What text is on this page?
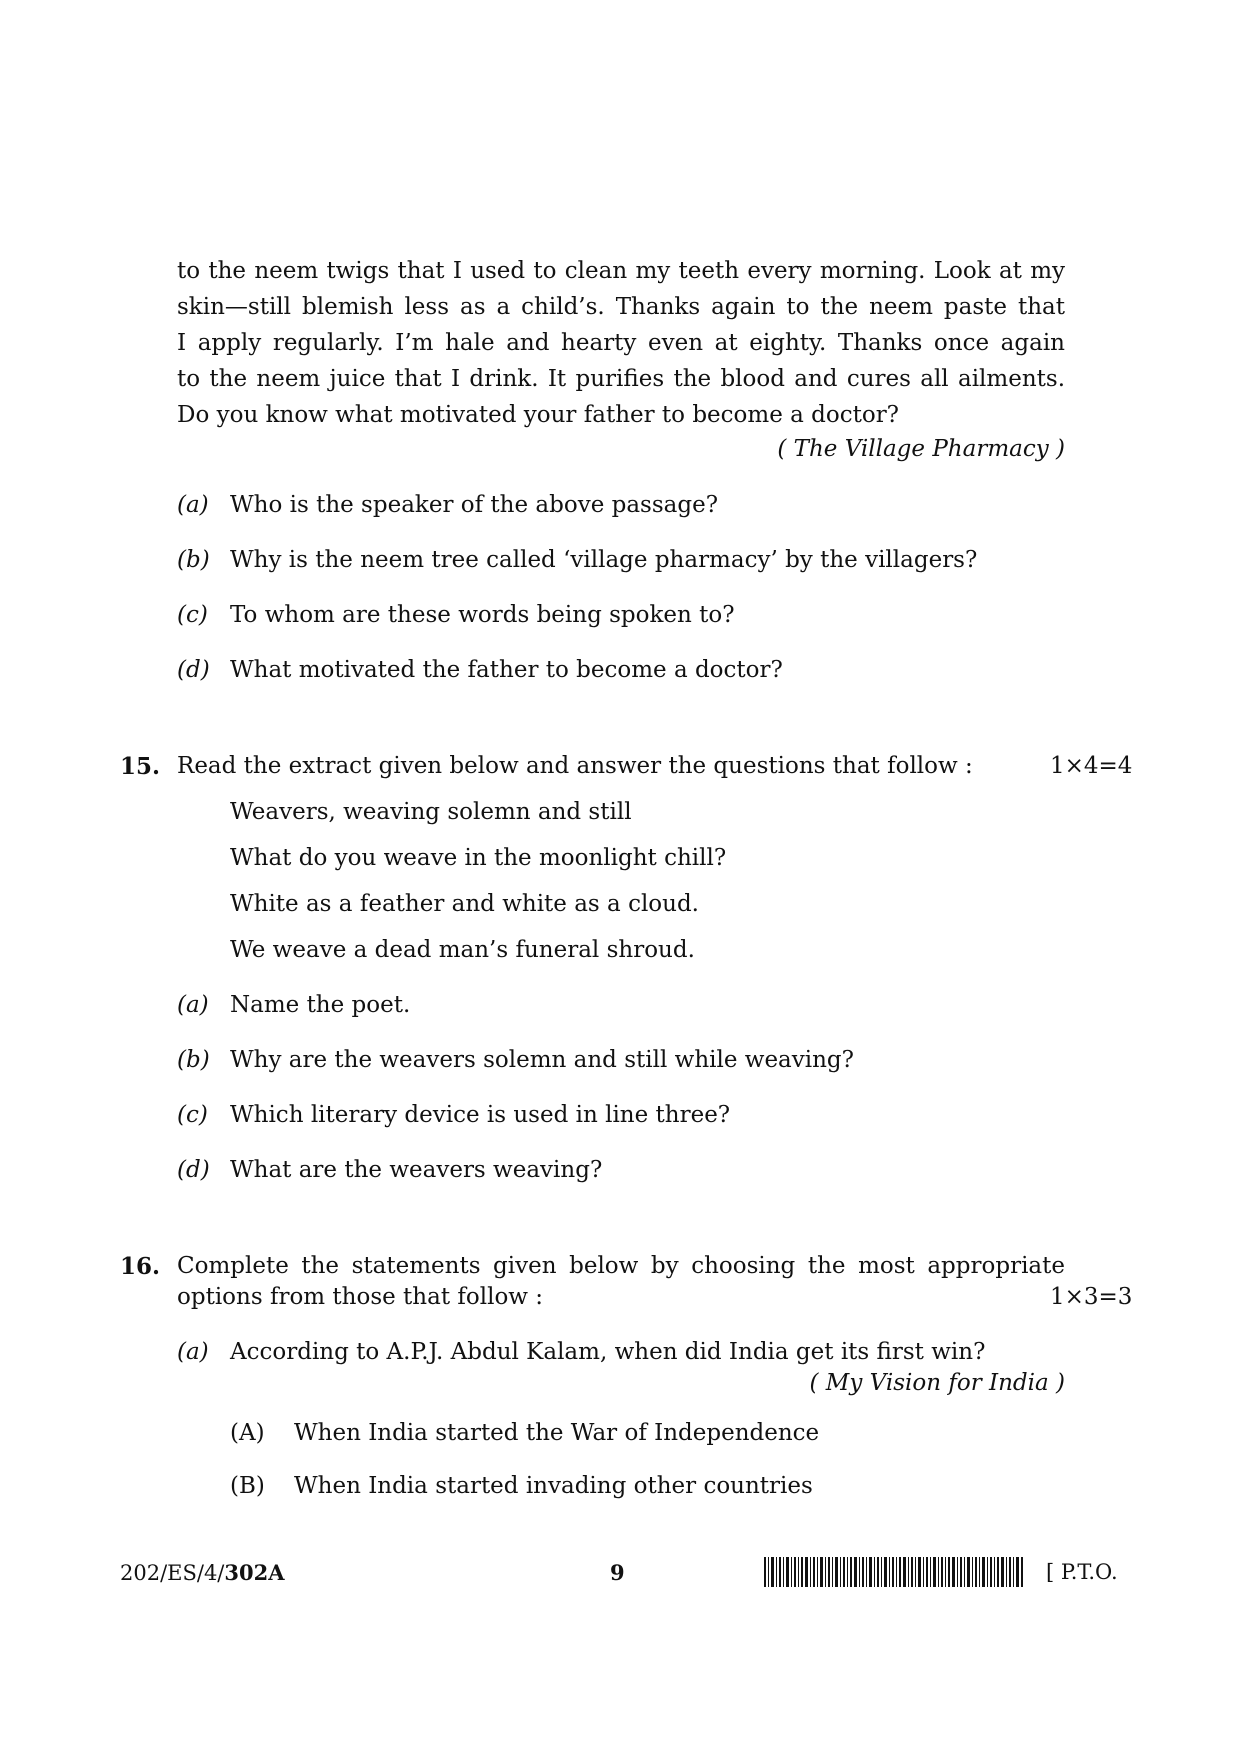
to the neem twigs that I used to clean my teeth every morning. Look at my
skin—still blemish less as a child’s. Thanks again to the neem paste that
I apply regularly. I’m hale and hearty even at eighty. Thanks once again
to the neem juice that I drink. It purifies the blood and cures all ailments.
Do you know what motivated your father to become a doctor?
( The Village Pharmacy )
(a) Who is the speaker of the above passage?
(b) Why is the neem tree called ‘village pharmacy’ by the villagers?
(c) To whom are these words being spoken to?
(d) What motivated the father to become a doctor?
15. Read the extract given below and answer the questions that follow :	1×4=4
Weavers, weaving solemn and still
What do you weave in the moonlight chill?
White as a feather and white as a cloud.
We weave a dead man’s funeral shroud.
(a) Name the poet.
(b) Why are the weavers solemn and still while weaving?
(c) Which literary device is used in line three?
(d) What are the weavers weaving?
16. Complete the statements given below by choosing the most appropriate
options from those that follow :	1×3=3
(a) According to A.P.J. Abdul Kalam, when did India get its first win?
( My Vision for India )
(A) When India started the War of Independence
(B) When India started invading other countries
202/ES/4/302A	9	[ P.T.O.
